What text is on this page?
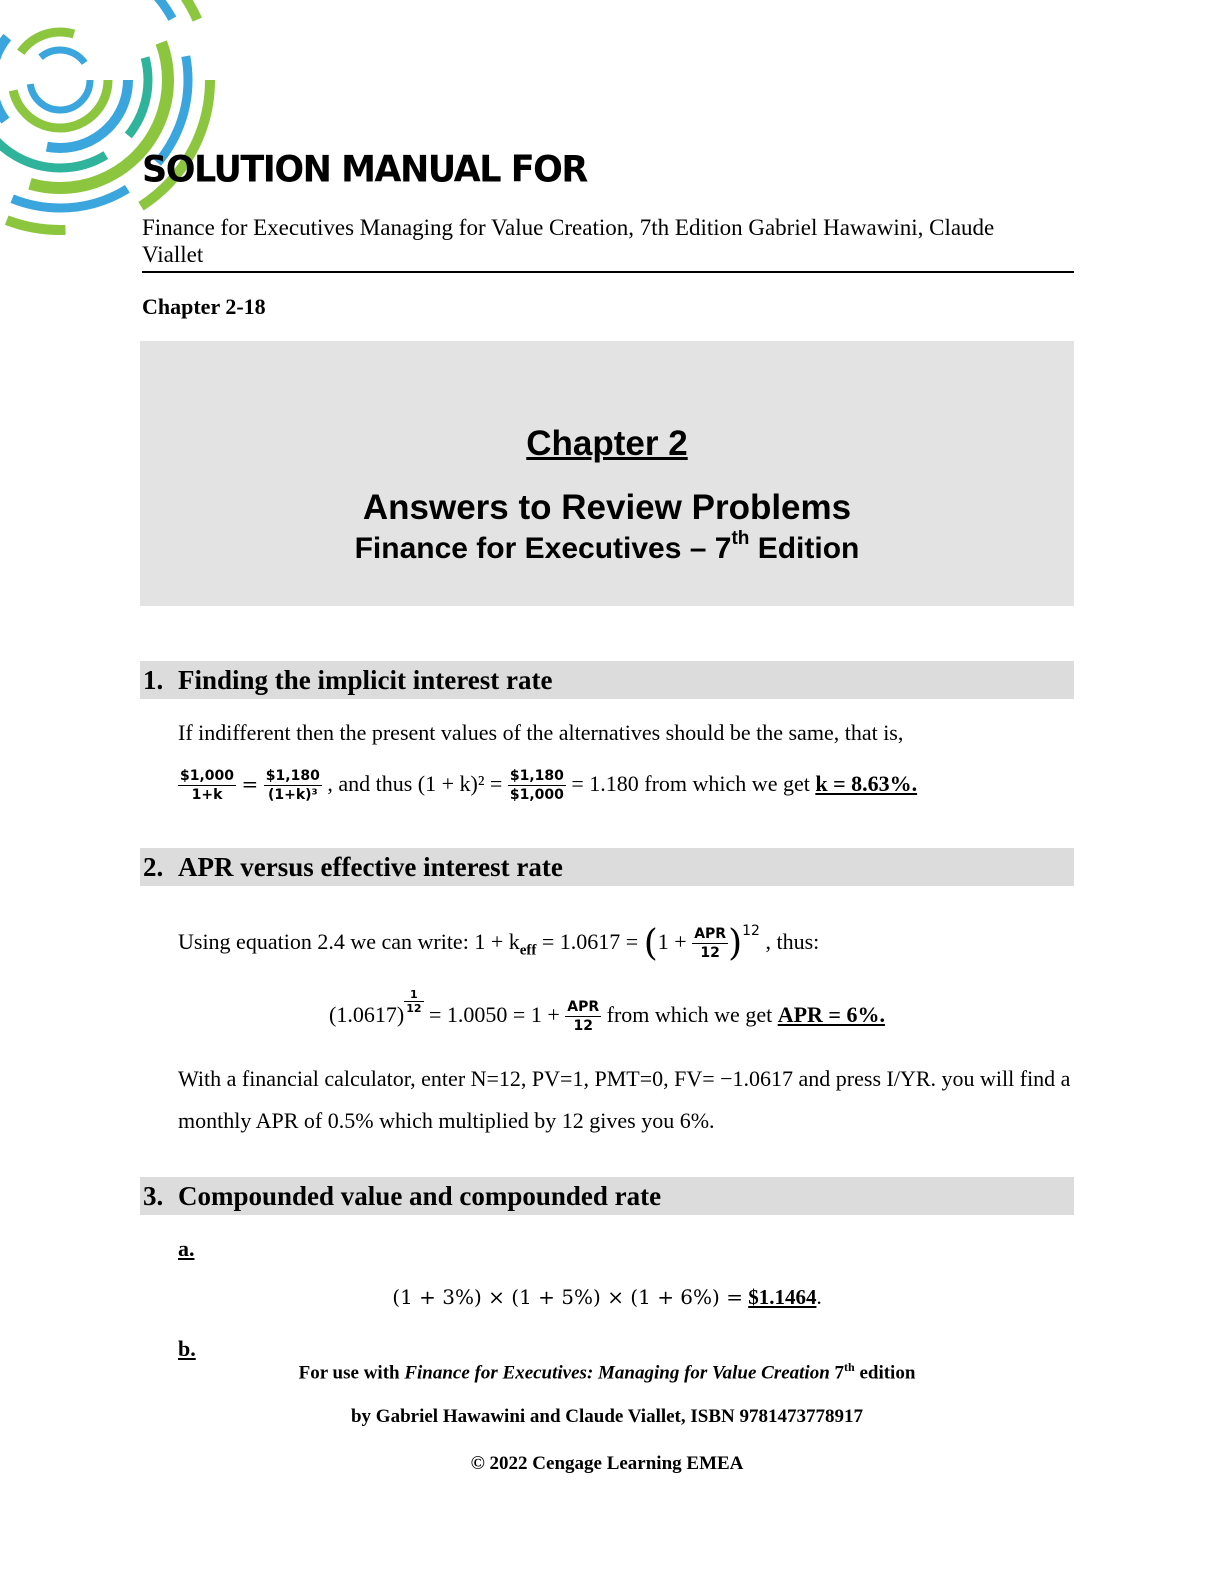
SOLUTION MANUAL FOR
Finance for Executives Managing for Value Creation, 7th Edition Gabriel Hawawini, Claude Viallet
Chapter 2-18
Chapter 2
Answers to Review Problems
Finance for Executives – 7th Edition
1. Finding the implicit interest rate
If indifferent then the present values of the alternatives should be the same, that is,
$\frac{\$1,000}{1+k} = \frac{\$1,180}{\text{(1+k)³}}$ , and thus $(1 + k)^2 = \frac{\$1,180}{\$1,000} = 1.180$ from which we get k = 8.63%.
2. APR versus effective interest rate
Using equation 2.4 we can write: $1 + k_{eff} = 1.0617 = (1 + \frac{\text{APR}}{12} )^{12}$ , thus:
$(1.0617) \frac{1}{12} = 1.0050 = 1 + \frac{\text{APR}}{12}$ from which we get APR = 6%.
With a financial calculator, enter N=12, PV=1, PMT=0, FV= −1.0617 and press I/YR. you will find a monthly APR of 0.5% which multiplied by 12 gives you 6%.
3. Compounded value and compounded rate
a.
(1 + 3%) × (1 + 5%) × (1 + 6%) = $1.1464.
b.
For use with Finance for Executives: Managing for Value Creation 7th edition
by Gabriel Hawawini and Claude Viallet, ISBN 9781473778917
© 2022 Cengage Learning EMEA
